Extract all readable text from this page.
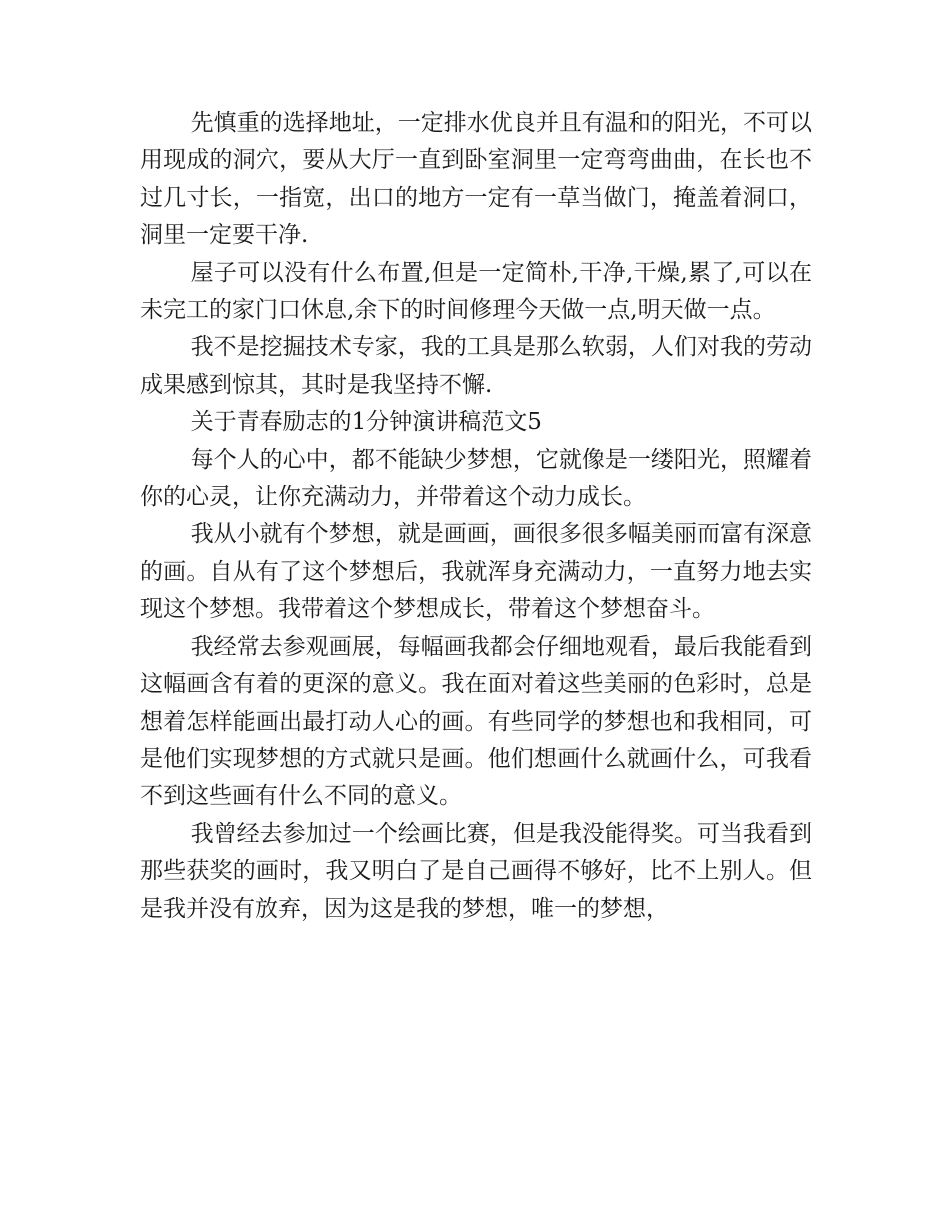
先慎重的选择地址，一定排水优良并且有温和的阳光，不可以用现成的洞穴，要从大厅一直到卧室洞里一定弯弯曲曲，在长也不过几寸长，一指宽，出口的地方一定有一草当做门，掩盖着洞口，洞里一定要干净.

屋子可以没有什么布置,但是一定简朴,干净,干燥,累了,可以在未完工的家门口休息,余下的时间修理今天做一点,明天做一点。

我不是挖掘技术专家，我的工具是那么软弱，人们对我的劳动成果感到惊其，其时是我坚持不懈.

关于青春励志的1分钟演讲稿范文5

每个人的心中，都不能缺少梦想，它就像是一缕阳光，照耀着你的心灵，让你充满动力，并带着这个动力成长。

我从小就有个梦想，就是画画，画很多很多幅美丽而富有深意的画。自从有了这个梦想后，我就浑身充满动力，一直努力地去实现这个梦想。我带着这个梦想成长，带着这个梦想奋斗。

我经常去参观画展，每幅画我都会仔细地观看，最后我能看到这幅画含有着的更深的意义。我在面对着这些美丽的色彩时，总是想着怎样能画出最打动人心的画。有些同学的梦想也和我相同，可是他们实现梦想的方式就只是画。他们想画什么就画什么，可我看不到这些画有什么不同的意义。

我曾经去参加过一个绘画比赛，但是我没能得奖。可当我看到那些获奖的画时，我又明白了是自己画得不够好，比不上别人。但是我并没有放弃，因为这是我的梦想，唯一的梦想，
